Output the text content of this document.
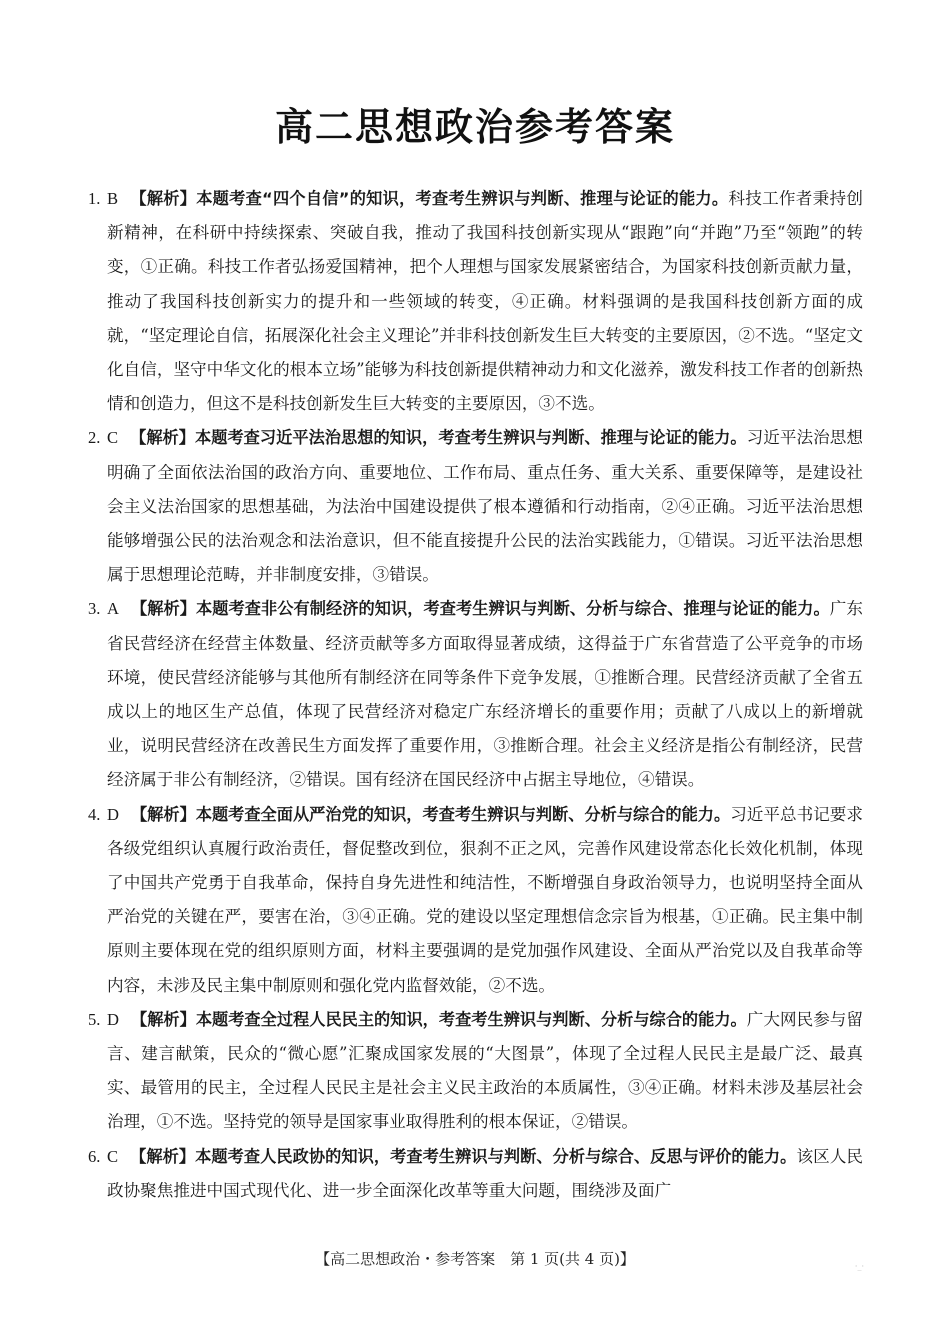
高二思想政治参考答案
1. B 【解析】本题考查“四个自信”的知识，考查考生辨识与判断、推理与论证的能力。科技工作者秉持创新精神，在科研中持续探索、突破自我，推动了我国科技创新实现从“跟跑”向“并跑”乃至“领跑”的转变，①正确。科技工作者弘扬爱国精神，把个人理想与国家发展紧密结合，为国家科技创新贡献力量，推动了我国科技创新实力的提升和一些领域的转变，④正确。材料强调的是我国科技创新方面的成就，“坚定理论自信，拓展深化社会主义理论”并非科技创新发生巨大转变的主要原因，②不选。“坚定文化自信，坚守中华文化的根本立场”能够为科技创新提供精神动力和文化滋养，激发科技工作者的创新热情和创造力，但这不是科技创新发生巨大转变的主要原因，③不选。
2. C 【解析】本题考查习近平法治思想的知识，考查考生辨识与判断、推理与论证的能力。习近平法治思想明确了全面依法治国的政治方向、重要地位、工作布局、重点任务、重大关系、重要保障等，是建设社会主义法治国家的思想基础，为法治中国建设提供了根本遵循和行动指南，②④正确。习近平法治思想能够增强公民的法治观念和法治意识，但不能直接提升公民的法治实践能力，①错误。习近平法治思想属于思想理论范畴，并非制度安排，③错误。
3. A 【解析】本题考查非公有制经济的知识，考查考生辨识与判断、分析与综合、推理与论证的能力。广东省民营经济在经营主体数量、经济贡献等多方面取得显著成绩，这得益于广东省营造了公平竞争的市场环境，使民营经济能够与其他所有制经济在同等条件下竞争发展，①推断合理。民营经济贡献了全省五成以上的地区生产总值，体现了民营经济对稳定广东经济增长的重要作用；贡献了八成以上的新增就业，说明民营经济在改善民生方面发挥了重要作用，③推断合理。社会主义经济是指公有制经济，民营经济属于非公有制经济，②错误。国有经济在国民经济中占据主导地位，④错误。
4. D 【解析】本题考查全面从严治党的知识，考查考生辨识与判断、分析与综合的能力。习近平总书记要求各级党组织认真履行政治责任，督促整改到位，狠刹不正之风，完善作风建设常态化长效化机制，体现了中国共产党勇于自我革命，保持自身先进性和纯洁性，不断增强自身政治领导力，也说明坚持全面从严治党的关键在严，要害在治，③④正确。党的建设以坚定理想信念宗旨为根基，①正确。民主集中制原则主要体现在党的组织原则方面，材料主要强调的是党加强作风建设、全面从严治党以及自我革命等内容，未涉及民主集中制原则和强化党内监督效能，②不选。
5. D 【解析】本题考查全过程人民民主的知识，考查考生辨识与判断、分析与综合的能力。广大网民参与留言、建言献策，民众的“微心愿”汇聚成国家发展的“大图景”，体现了全过程人民民主是最广泛、最真实、最管用的民主，全过程人民民主是社会主义民主政治的本质属性，③④正确。材料未涉及基层社会治理，①不选。坚持党的领导是国家事业取得胜利的根本保证，②错误。
6. C 【解析】本题考查人民政协的知识，考查考生辨识与判断、分析与综合、反思与评价的能力。该区人民政协聚焦推进中国式现代化、进一步全面深化改革等重大问题，围绕涉及面广
【高二思想政治・参考答案　第 1 页(共 4 页)】	·_·
